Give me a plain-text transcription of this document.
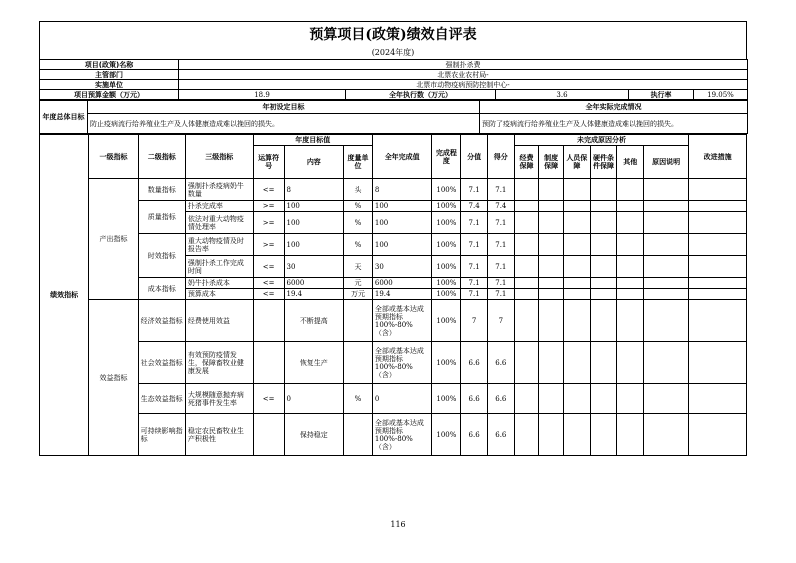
预算项目(政策)绩效自评表
(2024年度)
项目(政策)名称	强制扑杀费				
主管部门	北票农业农村局-				
实施单位	北票市动物疫病预防控制中心-				
项目预算金额（万元）	18.9	全年执行数（万元）	3.6	执行率	19.05%
年度总体目标	年初设定目标	全年实际完成情况
	防止疫病流行给养殖业生产及人体健康造成难以挽回的损失。	预防了疫病流行给养殖业生产及人体健康造成难以挽回的损失。
绩效指标	一级指标	二级指标	三级指标	年度目标值			全年完成值	完成程度	分值	得分	未完成原因分析						改进措施
				运算符号	内容	度量单位					经费保障	制度保障	人员保障	硬件条件保障	其他	原因说明	
	产出指标	数量指标	强制扑杀疫病奶牛数量	<=	8	头	8	100%	7.1	7.1							
		质量指标	扑杀完成率	>=	100	%	100	100%	7.4	7.4							
			依法对重大动物疫情处理率	>=	100	%	100	100%	7.1	7.1							
		时效指标	重大动物疫情及时报告率	>=	100	%	100	100%	7.1	7.1							
			强制扑杀工作完成时间	<=	30	天	30	100%	7.1	7.1							
		成本指标	奶牛扑杀成本	<=	6000	元	6000	100%	7.1	7.1							
			预算成本	<=	19.4	万元	19.4	100%	7.1	7.1							
	效益指标	经济效益指标	经费使用效益		不断提高		全部或基本达成预期指标100%-80%（含）	100%	7	7							
		社会效益指标	有效预防疫情发生，保障畜牧业健康发展		恢复生产		全部或基本达成预期指标100%-80%（含）	100%	6.6	6.6							
		生态效益指标	大规模随意抛弃病死猪事件发生率	<=	0	%	0	100%	6.6	6.6							
		可持续影响指标	稳定农民畜牧业生产积极性		保持稳定		全部或基本达成预期指标100%-80%（含）	100%	6.6	6.6							
116
